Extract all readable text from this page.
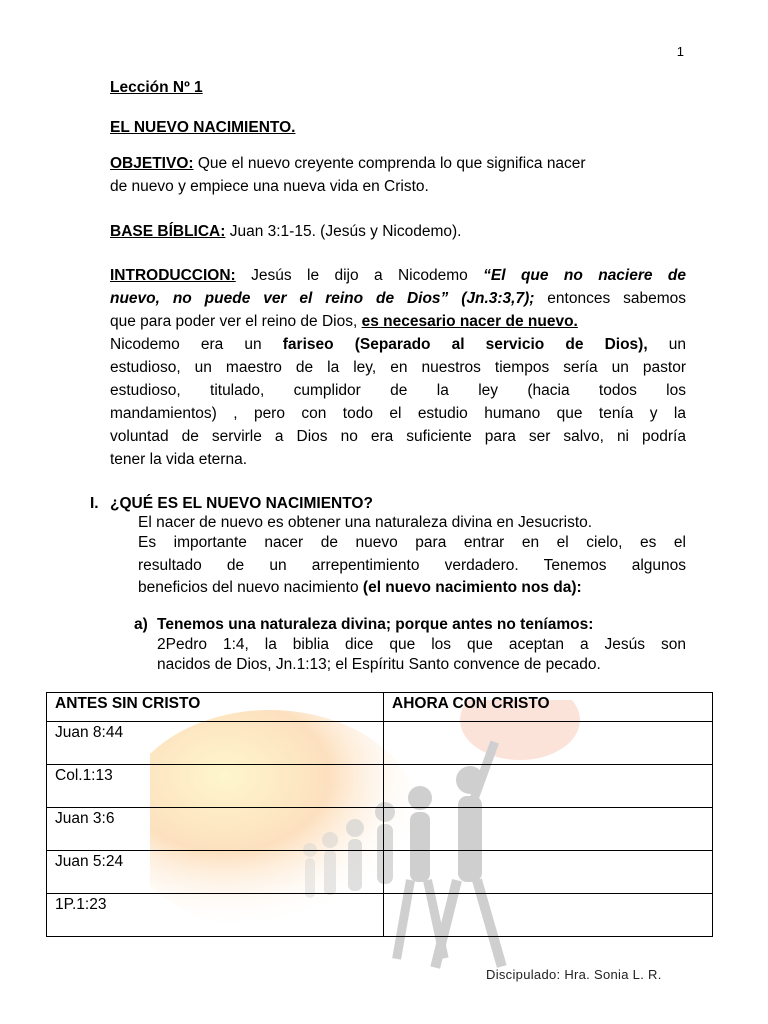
1
Lección Nº 1
EL NUEVO NACIMIENTO.
OBJETIVO: Que el nuevo creyente comprenda lo que significa nacer
de nuevo y empiece una nueva vida en Cristo.
BASE BÍBLICA: Juan 3:1-15. (Jesús y Nicodemo).
INTRODUCCION: Jesús le dijo a Nicodemo “El que no naciere de
nuevo, no puede ver el reino de Dios” (Jn.3:3,7); entonces sabemos
que para poder ver el reino de Dios, es necesario nacer de nuevo.
Nicodemo era un fariseo (Separado al servicio de Dios), un
estudioso, un maestro de la ley, en nuestros tiempos sería un pastor
estudioso, titulado, cumplidor de la ley (hacia todos los
mandamientos) , pero con todo el estudio humano que tenía y la
voluntad de servirle a Dios no era suficiente para ser salvo, ni podría
tener la vida eterna.
I. ¿QUÉ ES EL NUEVO NACIMIENTO?
El nacer de nuevo es obtener una naturaleza divina en Jesucristo.
Es importante nacer de nuevo para entrar en el cielo, es el
resultado de un arrepentimiento verdadero. Tenemos algunos
beneficios del nuevo nacimiento (el nuevo nacimiento nos da):
a) Tenemos una naturaleza divina; porque antes no teníamos:
2Pedro 1:4, la biblia dice que los que aceptan a Jesús son
nacidos de Dios, Jn.1:13; el Espíritu Santo convence de pecado.
ANTES SIN CRISTO	AHORA CON CRISTO
Juan 8:44	
Col.1:13	
Juan 3:6	
Juan 5:24	
1P.1:23	
Discipulado: Hra. Sonia L. R.
